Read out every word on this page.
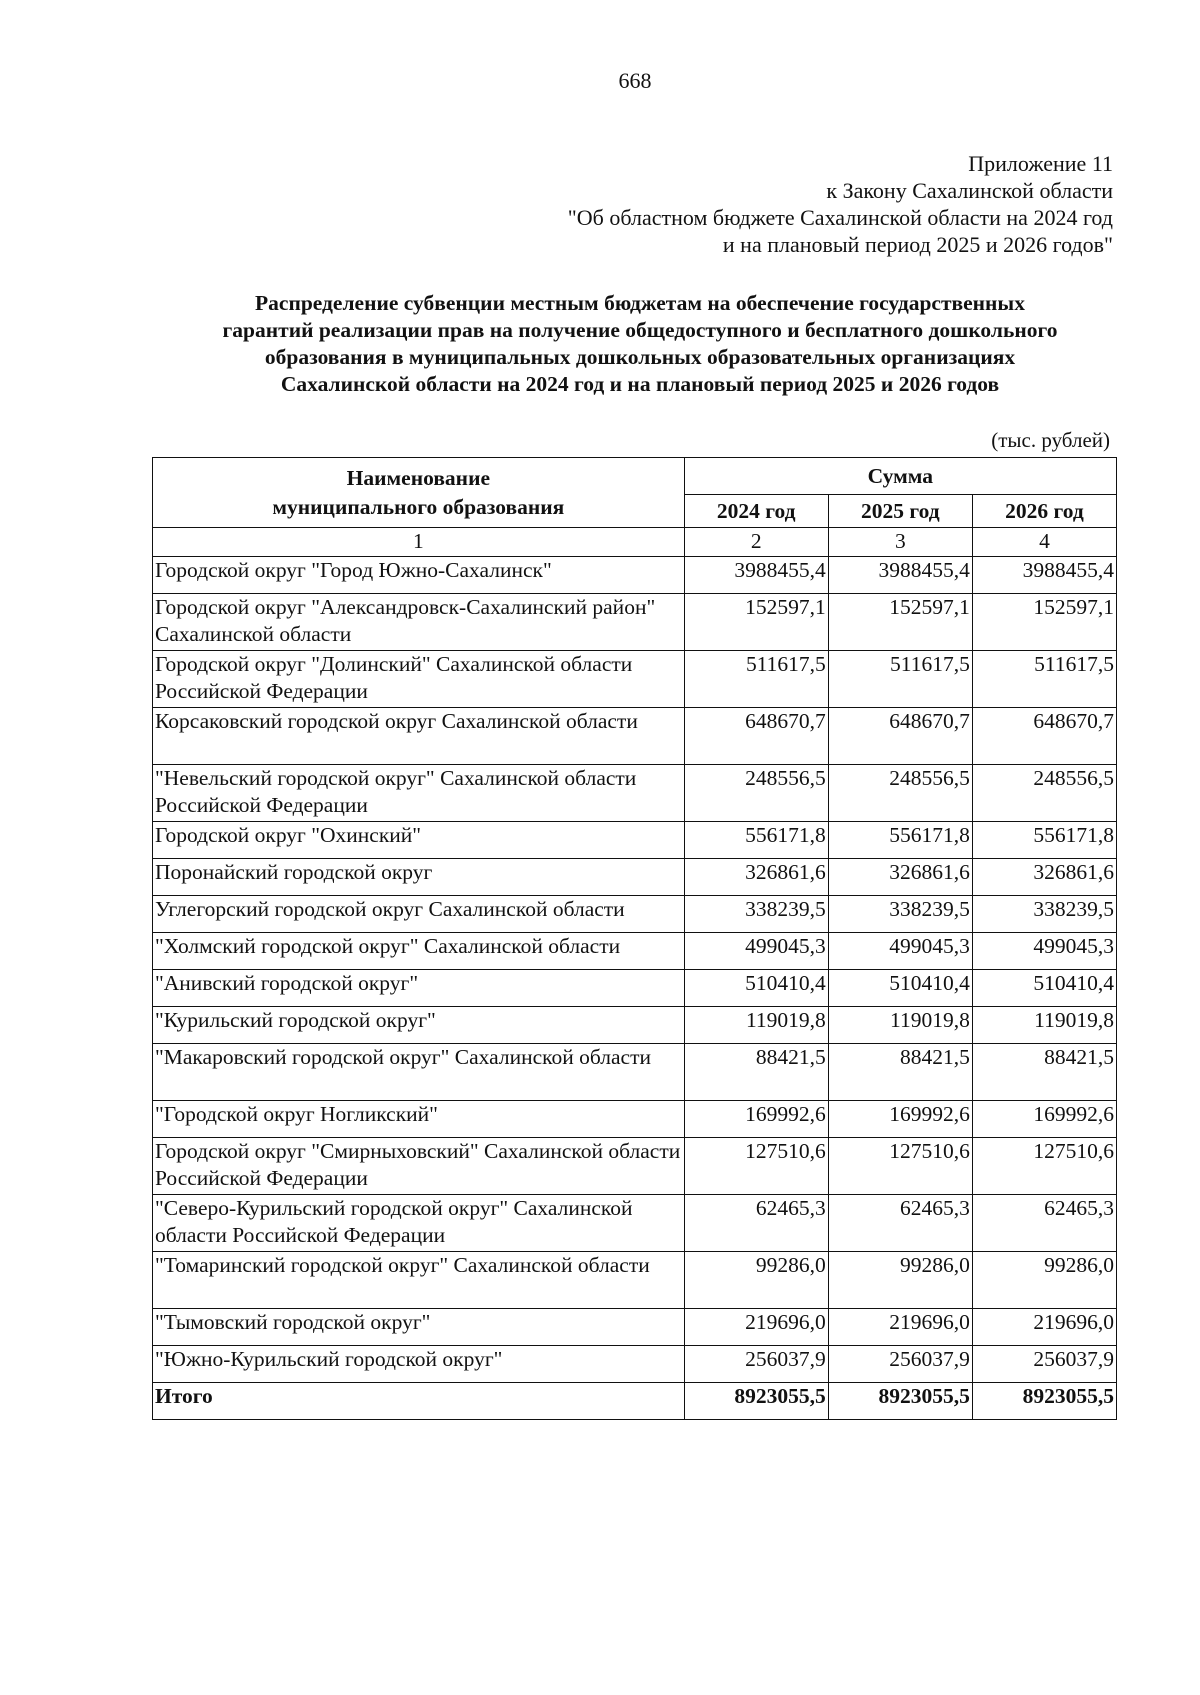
668
Приложение 11
к Закону Сахалинской области
"Об областном бюджете Сахалинской области на 2024 год
и на плановый период 2025 и 2026 годов"
Распределение субвенции местным бюджетам на обеспечение государственных
гарантий реализации прав на получение общедоступного и бесплатного дошкольного
образования в муниципальных дошкольных образовательных организациях
Сахалинской области на 2024 год и на плановый период 2025 и 2026 годов
(тыс. рублей)
Наименование
муниципального образования	Сумма		
	2024 год	2025 год	2026 год
1	2	3	4
Городской округ "Город Южно-Сахалинск"	3988455,4	3988455,4	3988455,4
Городской округ "Александровск-Сахалинский район" Сахалинской области	152597,1	152597,1	152597,1
Городской округ "Долинский" Сахалинской области Российской Федерации	511617,5	511617,5	511617,5
Корсаковский городской округ Сахалинской области	648670,7	648670,7	648670,7
"Невельский городской округ" Сахалинской области Российской Федерации	248556,5	248556,5	248556,5
Городской округ "Охинский"	556171,8	556171,8	556171,8
Поронайский городской округ	326861,6	326861,6	326861,6
Углегорский городской округ Сахалинской области	338239,5	338239,5	338239,5
"Холмский городской округ" Сахалинской области	499045,3	499045,3	499045,3
"Анивский городской округ"	510410,4	510410,4	510410,4
"Курильский городской округ"	119019,8	119019,8	119019,8
"Макаровский городской округ" Сахалинской области	88421,5	88421,5	88421,5
"Городской округ Ногликский"	169992,6	169992,6	169992,6
Городской округ "Смирныховский" Сахалинской области Российской Федерации	127510,6	127510,6	127510,6
"Северо-Курильский городской округ" Сахалинской области Российской Федерации	62465,3	62465,3	62465,3
"Томаринский городской округ" Сахалинской области	99286,0	99286,0	99286,0
"Тымовский городской округ"	219696,0	219696,0	219696,0
"Южно-Курильский городской округ"	256037,9	256037,9	256037,9
Итого	8923055,5	8923055,5	8923055,5
